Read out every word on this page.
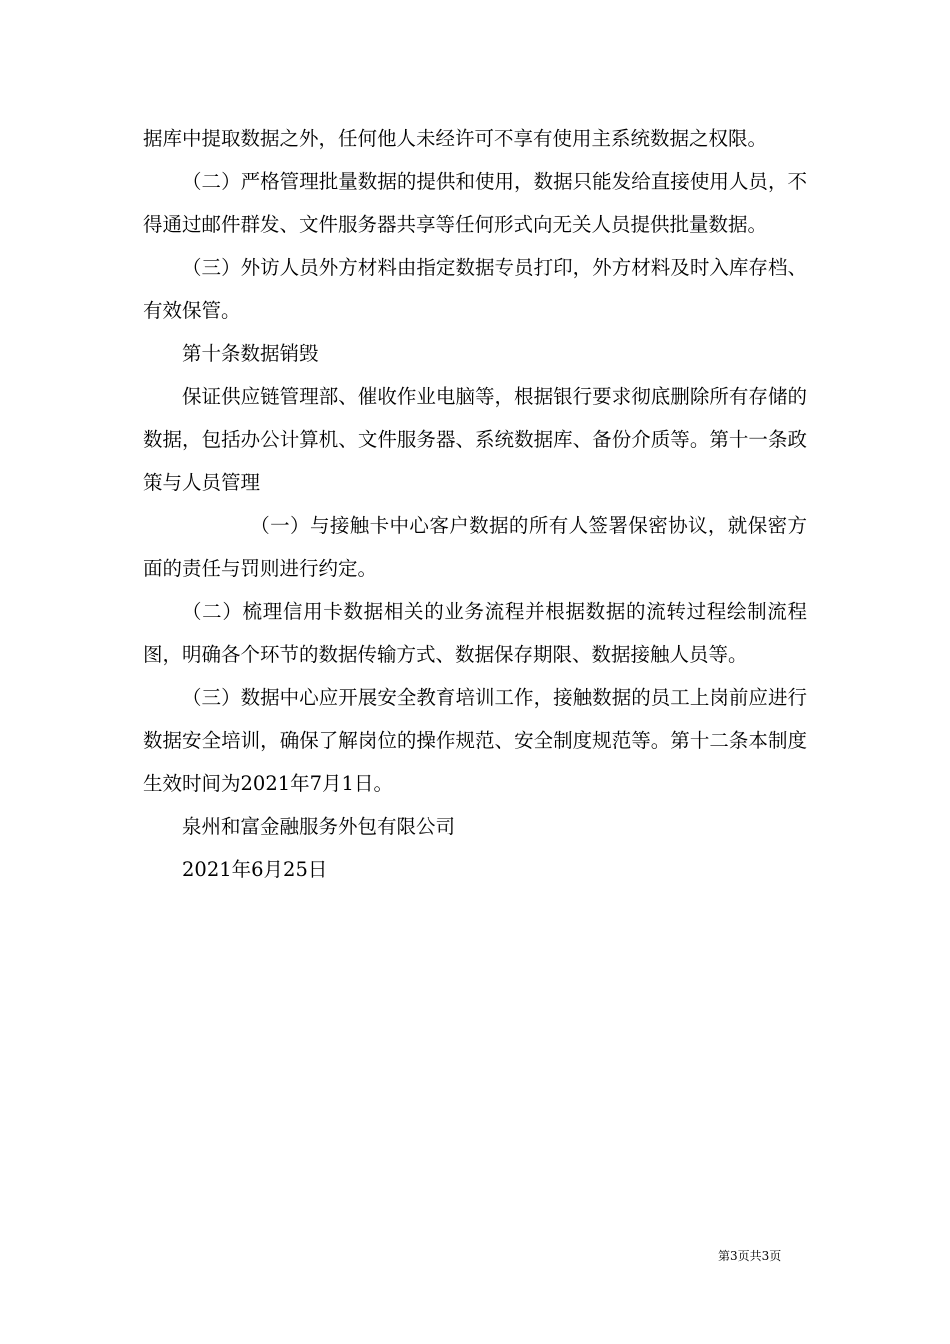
据库中提取数据之外，任何他人未经许可不享有使用主系统数据之权限。

（二）严格管理批量数据的提供和使用，数据只能发给直接使用人员，不得通过邮件群发、文件服务器共享等任何形式向无关人员提供批量数据。

（三）外访人员外方材料由指定数据专员打印，外方材料及时入库存档、有效保管。

第十条数据销毁

保证供应链管理部、催收作业电脑等，根据银行要求彻底删除所有存储的数据，包括办公计算机、文件服务器、系统数据库、备份介质等。第十一条政策与人员管理

（一）与接触卡中心客户数据的所有人签署保密协议，就保密方面的责任与罚则进行约定。

（二）梳理信用卡数据相关的业务流程并根据数据的流转过程绘制流程图，明确各个环节的数据传输方式、数据保存期限、数据接触人员等。

（三）数据中心应开展安全教育培训工作，接触数据的员工上岗前应进行数据安全培训，确保了解岗位的操作规范、安全制度规范等。第十二条本制度生效时间为2021年7月1日。

泉州和富金融服务外包有限公司

2021年6月25日

第3页共3页
